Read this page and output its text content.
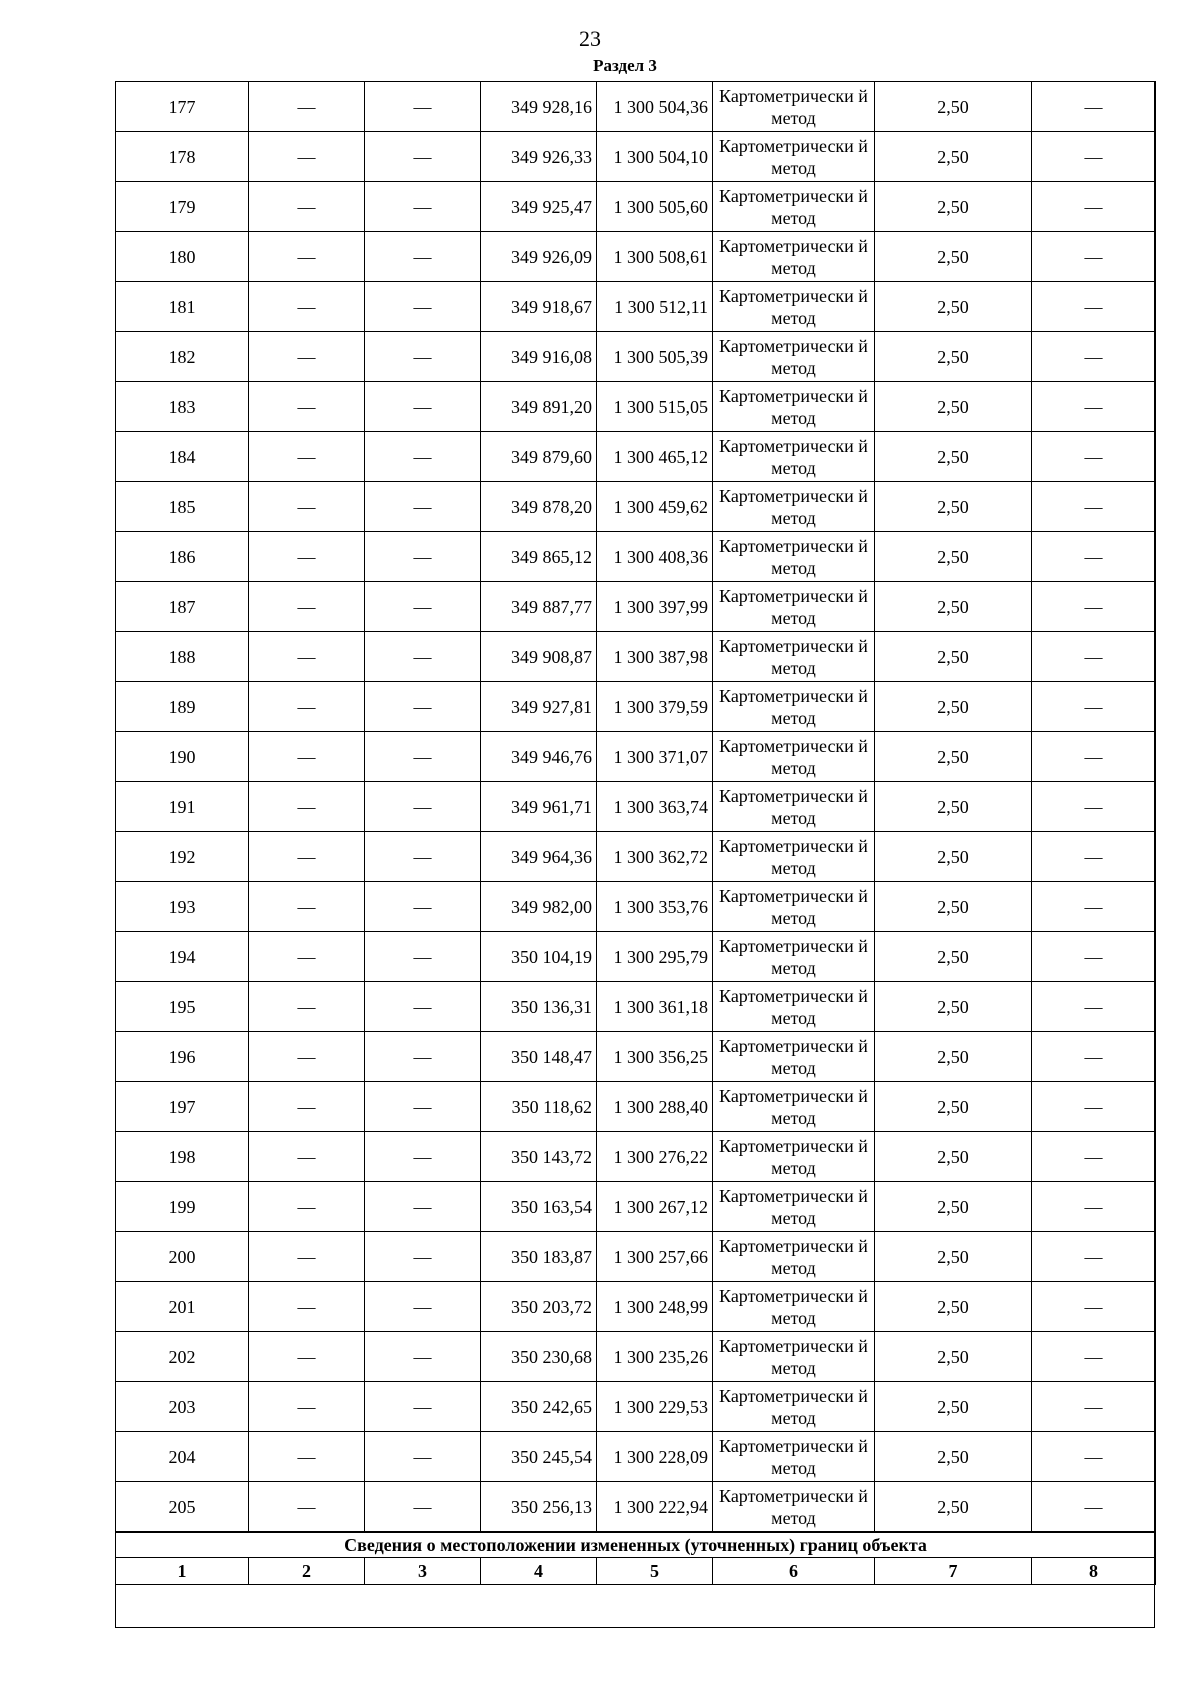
23
Раздел 3
177	—	—	349 928,16	1 300 504,36	Картометрически й метод	2,50	—
178	—	—	349 926,33	1 300 504,10	Картометрически й метод	2,50	—
179	—	—	349 925,47	1 300 505,60	Картометрически й метод	2,50	—
180	—	—	349 926,09	1 300 508,61	Картометрически й метод	2,50	—
181	—	—	349 918,67	1 300 512,11	Картометрически й метод	2,50	—
182	—	—	349 916,08	1 300 505,39	Картометрически й метод	2,50	—
183	—	—	349 891,20	1 300 515,05	Картометрически й метод	2,50	—
184	—	—	349 879,60	1 300 465,12	Картометрически й метод	2,50	—
185	—	—	349 878,20	1 300 459,62	Картометрически й метод	2,50	—
186	—	—	349 865,12	1 300 408,36	Картометрически й метод	2,50	—
187	—	—	349 887,77	1 300 397,99	Картометрически й метод	2,50	—
188	—	—	349 908,87	1 300 387,98	Картометрически й метод	2,50	—
189	—	—	349 927,81	1 300 379,59	Картометрически й метод	2,50	—
190	—	—	349 946,76	1 300 371,07	Картометрически й метод	2,50	—
191	—	—	349 961,71	1 300 363,74	Картометрически й метод	2,50	—
192	—	—	349 964,36	1 300 362,72	Картометрически й метод	2,50	—
193	—	—	349 982,00	1 300 353,76	Картометрически й метод	2,50	—
194	—	—	350 104,19	1 300 295,79	Картометрически й метод	2,50	—
195	—	—	350 136,31	1 300 361,18	Картометрически й метод	2,50	—
196	—	—	350 148,47	1 300 356,25	Картометрически й метод	2,50	—
197	—	—	350 118,62	1 300 288,40	Картометрически й метод	2,50	—
198	—	—	350 143,72	1 300 276,22	Картометрически й метод	2,50	—
199	—	—	350 163,54	1 300 267,12	Картометрически й метод	2,50	—
200	—	—	350 183,87	1 300 257,66	Картометрически й метод	2,50	—
201	—	—	350 203,72	1 300 248,99	Картометрически й метод	2,50	—
202	—	—	350 230,68	1 300 235,26	Картометрически й метод	2,50	—
203	—	—	350 242,65	1 300 229,53	Картометрически й метод	2,50	—
204	—	—	350 245,54	1 300 228,09	Картометрически й метод	2,50	—
205	—	—	350 256,13	1 300 222,94	Картометрически й метод	2,50	—
Сведения о местоположении измененных (уточненных) границ объекта							
1	2	3	4	5	6	7	8
